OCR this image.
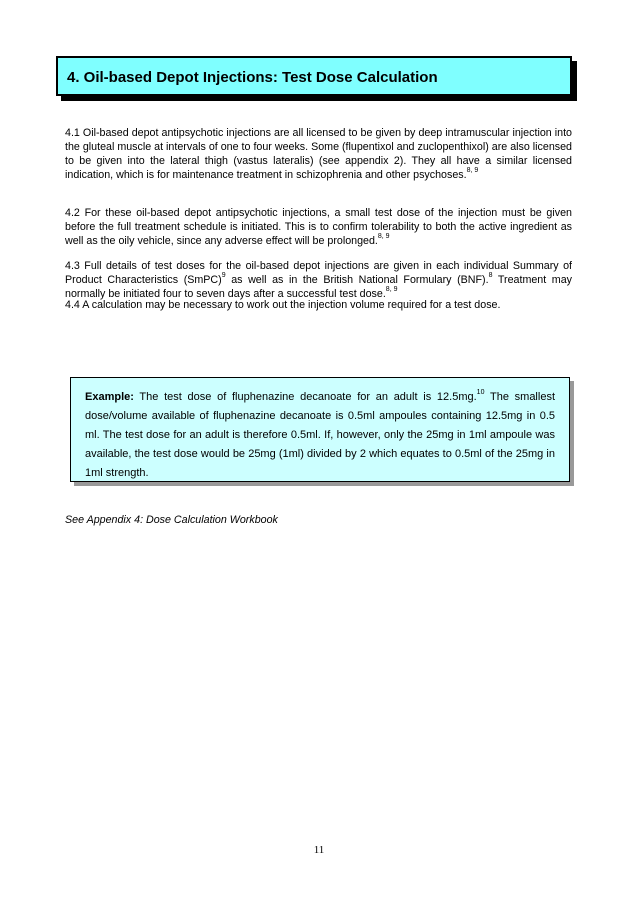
4. Oil-based Depot Injections: Test Dose Calculation

4.1 Oil-based depot antipsychotic injections are all licensed to be given by deep intramuscular injection into the gluteal muscle at intervals of one to four weeks. Some (flupentixol and zuclopenthixol) are also licensed to be given into the lateral thigh (vastus lateralis) (see appendix 2). They all have a similar licensed indication, which is for maintenance treatment in schizophrenia and other psychoses.$^{8, 9}$

4.2 For these oil-based depot antipsychotic injections, a small test dose of the injection must be given before the full treatment schedule is initiated. This is to confirm tolerability to both the active ingredient as well as the oily vehicle, since any adverse effect will be prolonged.$^{8, 9}$

4.3 Full details of test doses for the oil-based depot injections are given in each individual Summary of Product Characteristics (SmPC)$^9$ as well as in the British National Formulary (BNF).$^8$ Treatment may normally be initiated four to seven days after a successful test dose.$^{8, 9}$

4.4 A calculation may be necessary to work out the injection volume required for a test dose.

Example: The test dose of fluphenazine decanoate for an adult is 12.5mg.$^{10}$ The smallest dose/volume available of fluphenazine decanoate is 0.5ml ampoules containing 12.5mg in 0.5 ml. The test dose for an adult is therefore 0.5ml. If, however, only the 25mg in 1ml ampoule was available, the test dose would be 25mg (1ml) divided by 2 which equates to 0.5ml of the 25mg in 1ml strength.

See Appendix 4: Dose Calculation Workbook

11
